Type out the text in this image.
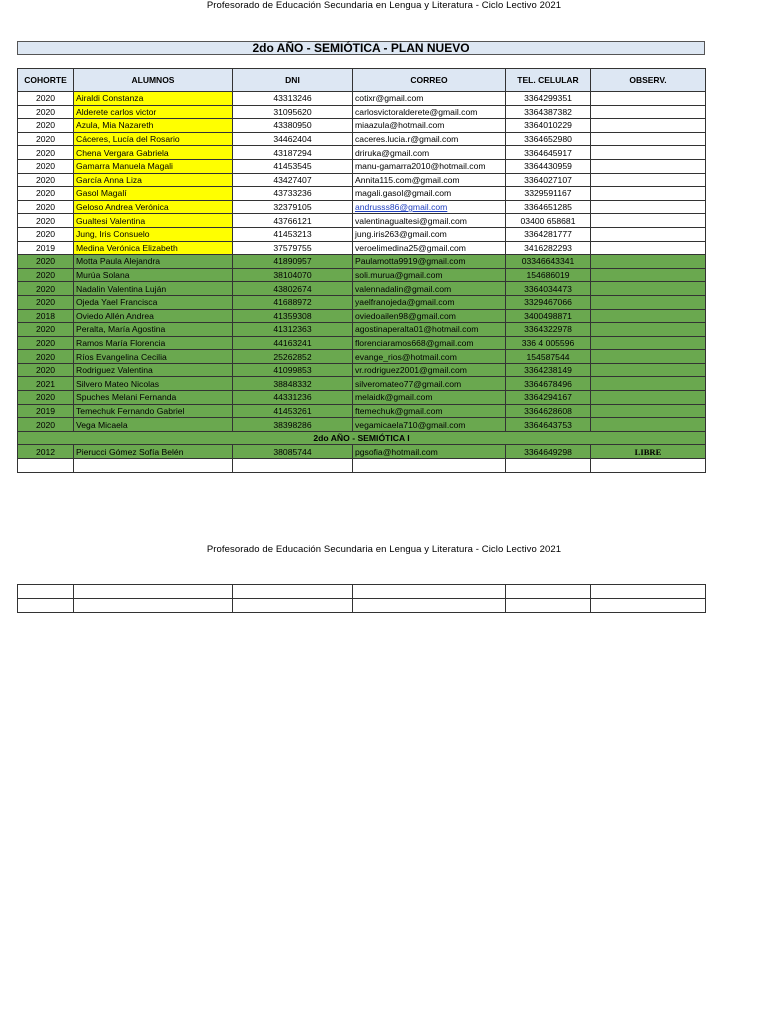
Profesorado de Educación Secundaria en Lengua y Literatura - Ciclo Lectivo 2021
2do AÑO - SEMIÓTICA - PLAN NUEVO
COHORTE	ALUMNOS	DNI	CORREO	TEL. CELULAR	OBSERV.
2020	Airaldi Constanza	43313246	cotixr@gmail.com	3364299351	
2020	Alderete carlos victor	31095620	carlosvictoralderete@gmail.com	3364387382	
2020	Azula, Mia Nazareth	43380950	miaazula@hotmail.com	3364010229	
2020	Cáceres, Lucía del Rosario	34462404	caceres.lucia.r@gmail.com	3364652980	
2020	Chena Vergara Gabriela	43187294	driruka@gmail.com	3364645917	
2020	Gamarra Manuela Magali	41453545	manu-gamarra2010@hotmail.com	3364430959	
2020	García Anna Liza	43427407	Annita115.com@gmail.com	3364027107	
2020	Gasol Magalí	43733236	magali.gasol@gmail.com	3329591167	
2020	Geloso Andrea Verónica	32379105	andrusss86@gmail.com	3364651285	
2020	Gualtesi Valentina	43766121	valentinagualtesi@gmail.com	03400 658681	
2020	Jung, Iris Consuelo	41453213	jung.iris263@gmail.com	3364281777	
2019	Medina Verónica Elizabeth	37579755	veroelimedina25@gmail.com	3416282293	
2020	Motta Paula Alejandra	41890957	Paulamotta9919@gmail.com	03346643341	
2020	Murúa Solana	38104070	soli.murua@gmail.com	154686019	
2020	Nadalin Valentina Luján	43802674	valennadalin@gmail.com	3364034473	
2020	Ojeda Yael Francisca	41688972	yaelfranojeda@gmail.com	3329467066	
2018	Oviedo Allén Andrea	41359308	oviedoailen98@gmail.com	3400498871	
2020	Peralta, María Agostina	41312363	agostinaperalta01@hotmail.com	3364322978	
2020	Ramos María Florencia	44163241	florenciaramos668@gmail.com	336 4 005596	
2020	Ríos Evangelina Cecilia	25262852	evange_rios@hotmail.com	154587544	
2020	Rodriguez Valentina	41099853	vr.rodriguez2001@gmail.com	3364238149	
2021	Silvero Mateo Nicolas	38848332	silveromateo77@gmail.com	3364678496	
2020	Spuches Melani Fernanda	44331236	melaidk@gmail.com	3364294167	
2019	Temechuk Fernando Gabriel	41453261	ftemechuk@gmail.com	3364628608	
2020	Vega Micaela	38398286	vegamicaela710@gmail.com	3364643753	
2do AÑO - SEMIÓTICA I					
2012	Pierucci Gómez Sofía Belén	38085744	pgsofia@hotmail.com	3364649298	LIBRE

Profesorado de Educación Secundaria en Lengua y Literatura - Ciclo Lectivo 2021
